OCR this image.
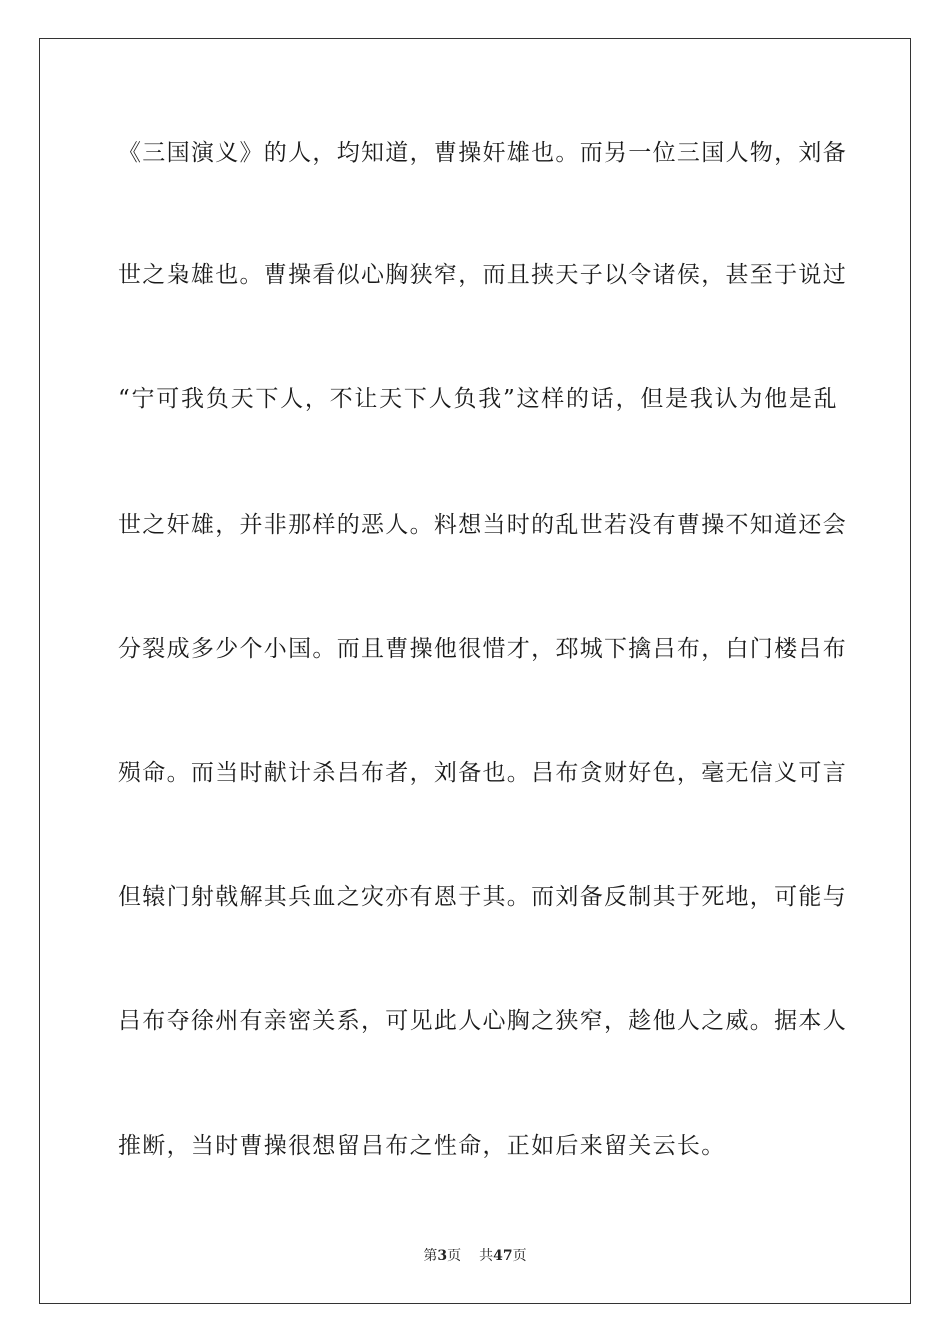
《三国演义》的人，均知道，曹操奸雄也。而另一位三国人物，刘备
世之枭雄也。曹操看似心胸狭窄，而且挟天子以令诸侯，甚至于说过
“宁可我负天下人，不让天下人负我”这样的话，但是我认为他是乱
世之奸雄，并非那样的恶人。料想当时的乱世若没有曹操不知道还会
分裂成多少个小国。而且曹操他很惜才，邳城下擒吕布，白门楼吕布
殒命。而当时献计杀吕布者，刘备也。吕布贪财好色，毫无信义可言
但辕门射戟解其兵血之灾亦有恩于其。而刘备反制其于死地，可能与
吕布夺徐州有亲密关系，可见此人心胸之狭窄，趁他人之威。据本人
推断，当时曹操很想留吕布之性命，正如后来留关云长。
第3页 共47页
